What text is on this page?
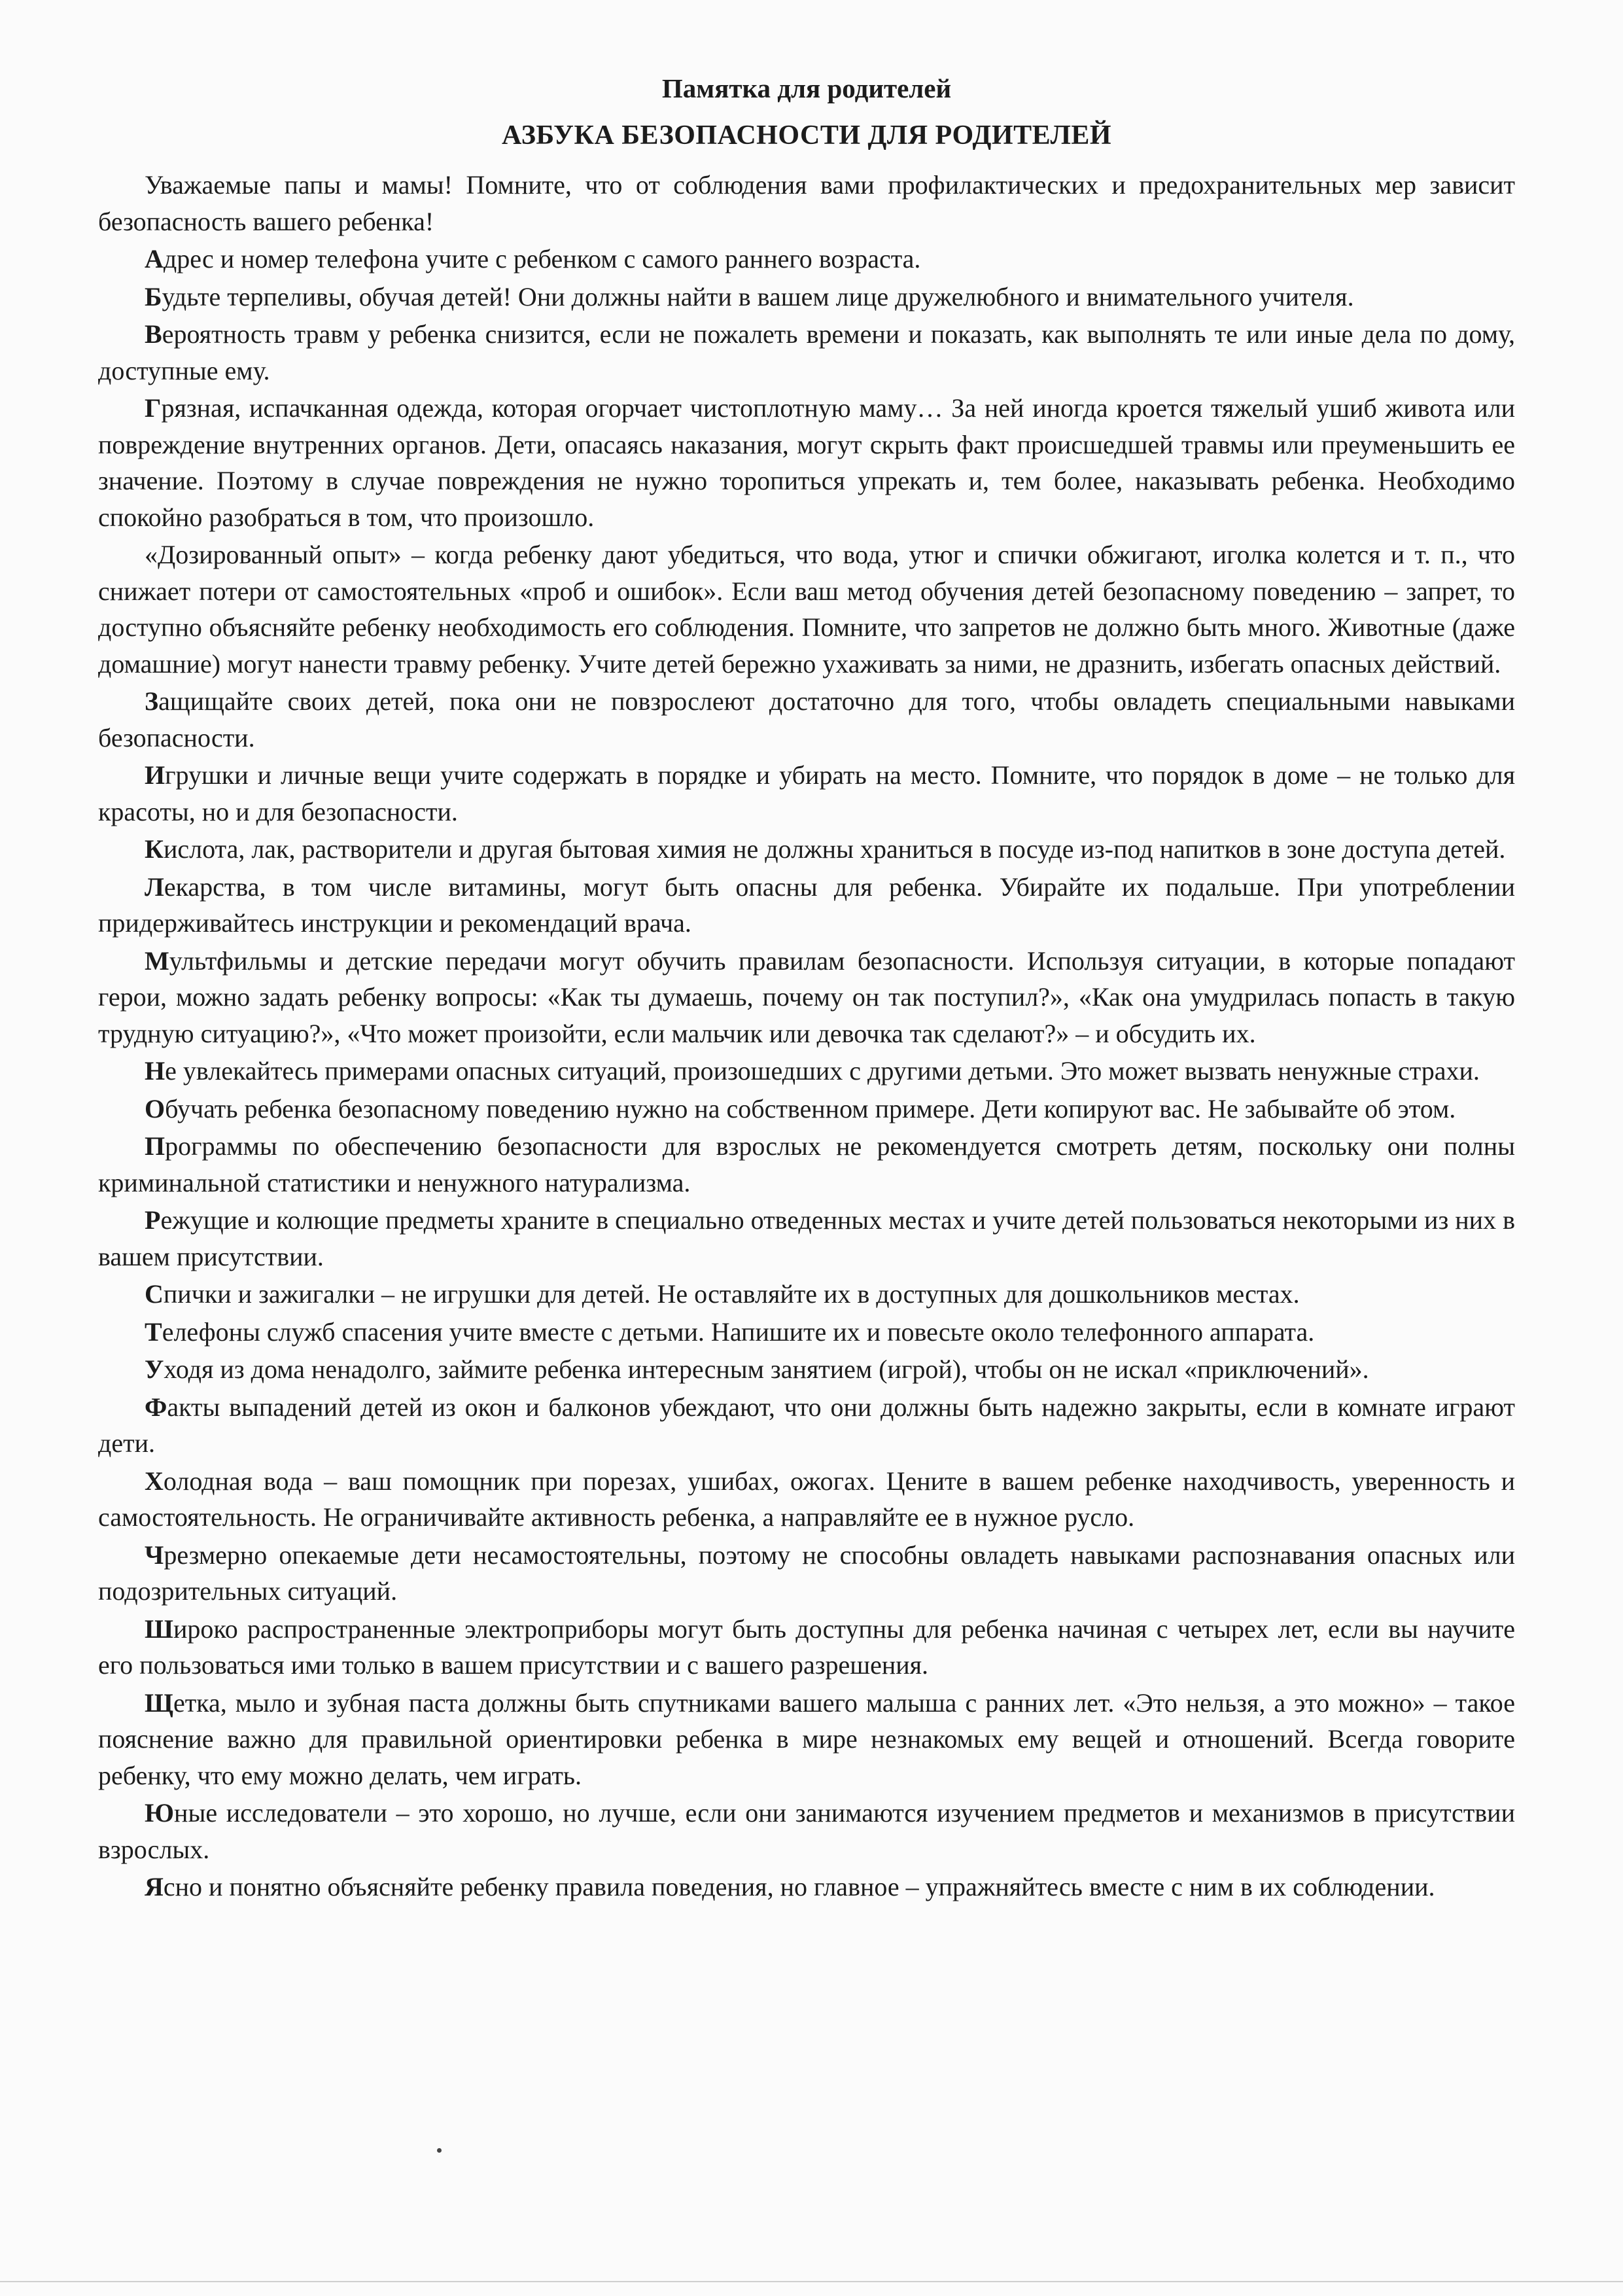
Памятка для родителей
АЗБУКА БЕЗОПАСНОСТИ ДЛЯ РОДИТЕЛЕЙ

Уважаемые папы и мамы! Помните, что от соблюдения вами профилактических и предохранительных мер зависит безопасность вашего ребенка!

Адрес и номер телефона учите с ребенком с самого раннего возраста.

Будьте терпеливы, обучая детей! Они должны найти в вашем лице дружелюбного и внимательного учителя.

Вероятность травм у ребенка снизится, если не пожалеть времени и показать, как выполнять те или иные дела по дому, доступные ему.

Грязная, испачканная одежда, которая огорчает чистоплотную маму… За ней иногда кроется тяжелый ушиб живота или повреждение внутренних органов. Дети, опасаясь наказания, могут скрыть факт происшедшей травмы или преуменьшить ее значение. Поэтому в случае повреждения не нужно торопиться упрекать и, тем более, наказывать ребенка. Необходимо спокойно разобраться в том, что произошло.

«Дозированный опыт» – когда ребенку дают убедиться, что вода, утюг и спички обжигают, иголка колется и т. п., что снижает потери от самостоятельных «проб и ошибок». Если ваш метод обучения детей безопасному поведению – запрет, то доступно объясняйте ребенку необходимость его соблюдения. Помните, что запретов не должно быть много. Животные (даже домашние) могут нанести травму ребенку. Учите детей бережно ухаживать за ними, не дразнить, избегать опасных действий.

Защищайте своих детей, пока они не повзрослеют достаточно для того, чтобы овладеть специальными навыками безопасности.

Игрушки и личные вещи учите содержать в порядке и убирать на место. Помните, что порядок в доме – не только для красоты, но и для безопасности.

Кислота, лак, растворители и другая бытовая химия не должны храниться в посуде из-под напитков в зоне доступа детей.

Лекарства, в том числе витамины, могут быть опасны для ребенка. Убирайте их подальше. При употреблении придерживайтесь инструкции и рекомендаций врача.

Мультфильмы и детские передачи могут обучить правилам безопасности. Используя ситуации, в которые попадают герои, можно задать ребенку вопросы: «Как ты думаешь, почему он так поступил?», «Как она умудрилась попасть в такую трудную ситуацию?», «Что может произойти, если мальчик или девочка так сделают?» – и обсудить их.

Не увлекайтесь примерами опасных ситуаций, произошедших с другими детьми. Это может вызвать ненужные страхи.

Обучать ребенка безопасному поведению нужно на собственном примере. Дети копируют вас. Не забывайте об этом.

Программы по обеспечению безопасности для взрослых не рекомендуется смотреть детям, поскольку они полны криминальной статистики и ненужного натурализма.

Режущие и колющие предметы храните в специально отведенных местах и учите детей пользоваться некоторыми из них в вашем присутствии.

Спички и зажигалки – не игрушки для детей. Не оставляйте их в доступных для дошкольников местах.

Телефоны служб спасения учите вместе с детьми. Напишите их и повесьте около телефонного аппарата.

Уходя из дома ненадолго, займите ребенка интересным занятием (игрой), чтобы он не искал «приключений».

Факты выпадений детей из окон и балконов убеждают, что они должны быть надежно закрыты, если в комнате играют дети.

Холодная вода – ваш помощник при порезах, ушибах, ожогах. Цените в вашем ребенке находчивость, уверенность и самостоятельность. Не ограничивайте активность ребенка, а направляйте ее в нужное русло.

Чрезмерно опекаемые дети несамостоятельны, поэтому не способны овладеть навыками распознавания опасных или подозрительных ситуаций.

Широко распространенные электроприборы могут быть доступны для ребенка начиная с четырех лет, если вы научите его пользоваться ими только в вашем присутствии и с вашего разрешения.

Щетка, мыло и зубная паста должны быть спутниками вашего малыша с ранних лет. «Это нельзя, а это можно» – такое пояснение важно для правильной ориентировки ребенка в мире незнакомых ему вещей и отношений. Всегда говорите ребенку, что ему можно делать, чем играть.

Юные исследователи – это хорошо, но лучше, если они занимаются изучением предметов и механизмов в присутствии взрослых.

Ясно и понятно объясняйте ребенку правила поведения, но главное – упражняйтесь вместе с ним в их соблюдении.
